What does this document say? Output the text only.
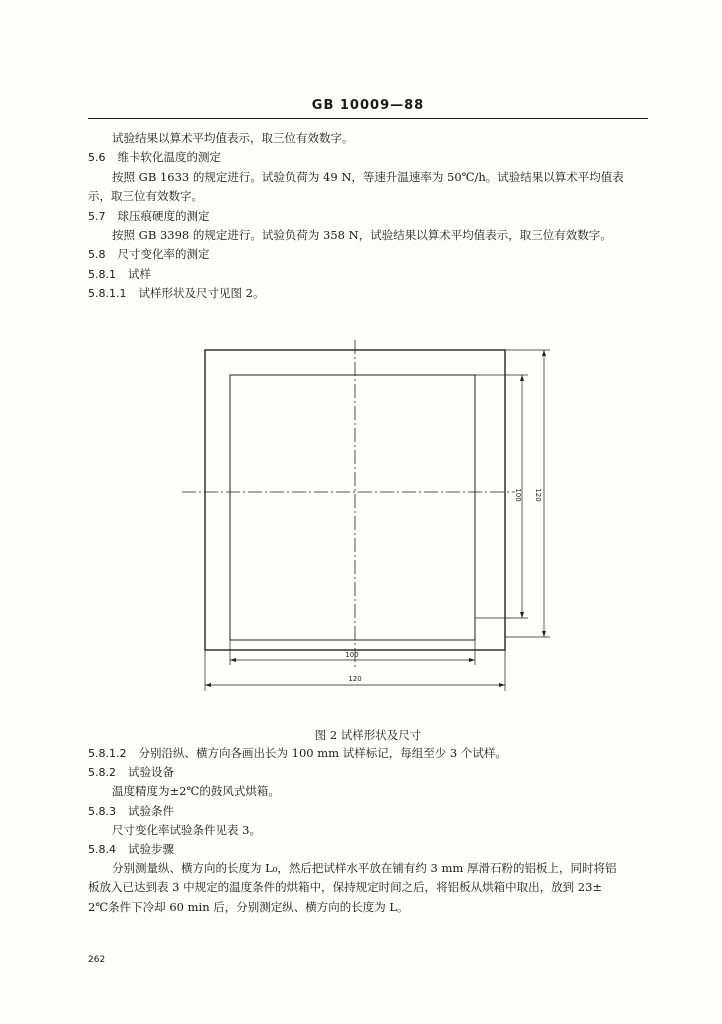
GB 10009—88
100
120
100 120
图 2 试样形状及尺寸
262
试验结果以算术平均值表示，取三位有效数字。
5.6 维卡软化温度的测定
按照 GB 1633 的规定进行。试验负荷为 49 N，等速升温速率为 50℃/h。试验结果以算术平均值表
示，取三位有效数字。
5.7 球压痕硬度的测定
按照 GB 3398 的规定进行。试验负荷为 358 N，试验结果以算术平均值表示，取三位有效数字。
5.8 尺寸变化率的测定
5.8.1 试样
5.8.1.1 试样形状及尺寸见图 2。
5.8.1.2 分别沿纵、横方向各画出长为 100 mm 试样标记，每组至少 3 个试样。
5.8.2 试验设备
温度精度为±2℃的鼓风式烘箱。
5.8.3 试验条件
尺寸变化率试验条件见表 3。
5.8.4 试验步骤
分别测量纵、横方向的长度为 L₀，然后把试样水平放在铺有约 3 mm 厚滑石粉的铝板上，同时将铝
板放入已达到表 3 中规定的温度条件的烘箱中，保持规定时间之后，将铝板从烘箱中取出，放到 23±
2℃条件下冷却 60 min 后，分别测定纵、横方向的长度为 L。
